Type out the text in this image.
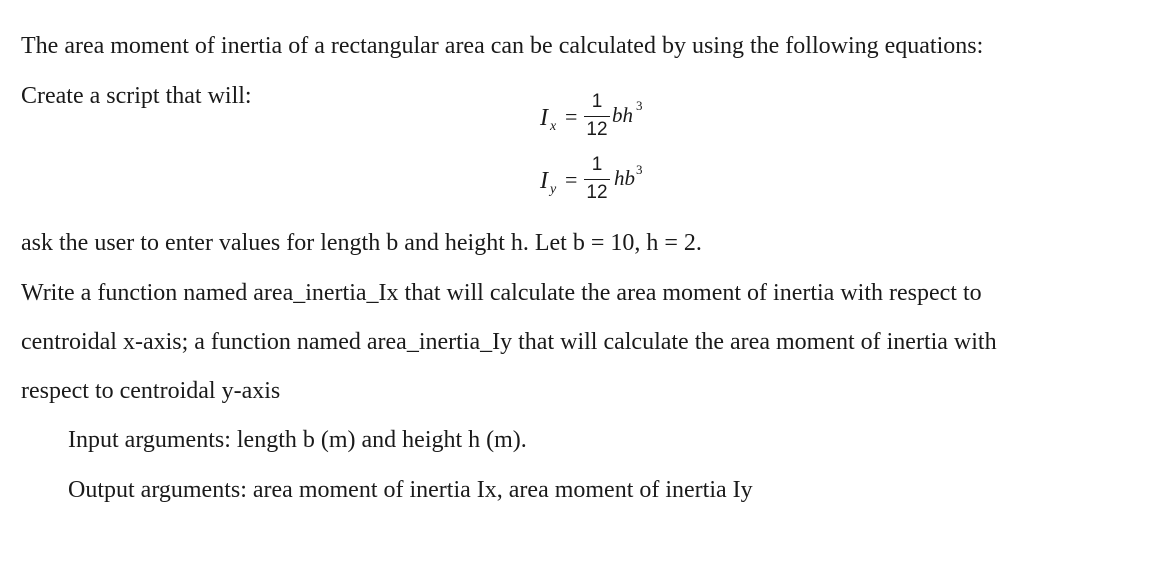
The area moment of inertia of a rectangular area can be calculated by using the following equations:
Create a script that will:
I x =
1
12
bh 3
I y =
1
12
hb 3
ask the user to enter values for length b and height h. Let b = 10, h = 2.
Write a function named area_inertia_Ix that will calculate the area moment of inertia with respect to
centroidal x-axis; a function named area_inertia_Iy that will calculate the area moment of inertia with
respect to centroidal y-axis
Input arguments: length b (m) and height h (m).
Output arguments: area moment of inertia Ix, area moment of inertia Iy
